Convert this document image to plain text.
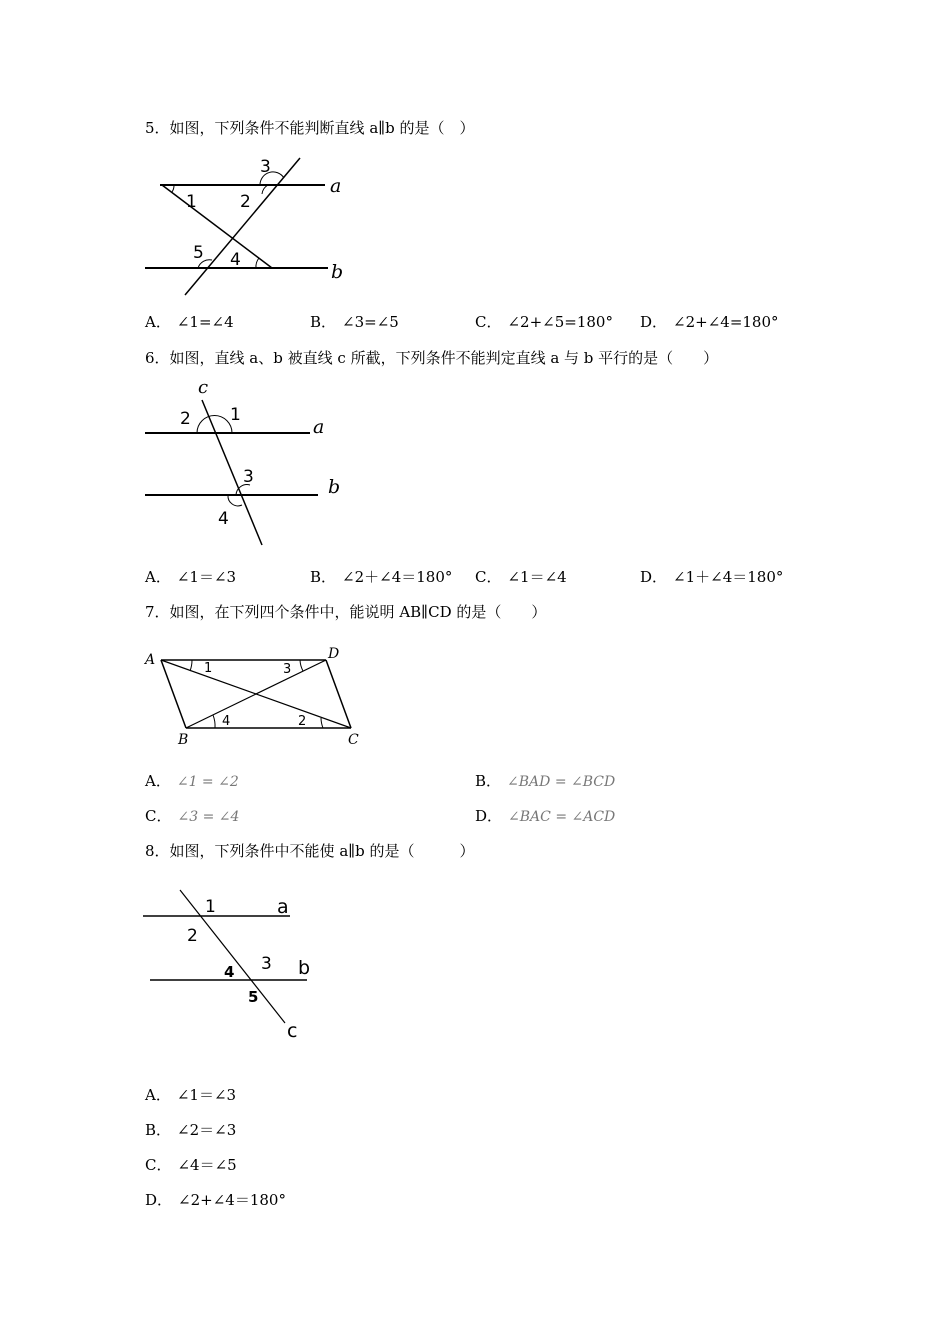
5．如图，下列条件不能判断直线 a∥b 的是（　）
3
2
1
5 4
a
b
A． ∠1=∠4	B． ∠3=∠5	C． ∠2+∠5=180° D． ∠2+∠4=180°
6．如图，直线 a、b 被直线 c 所截，下列条件不能判定直线 a 与 b 平行的是（　　）
c
2 1
a
3	b
4
A． ∠1＝∠3	B． ∠2＋∠4＝180° C． ∠1＝∠4	D． ∠1＋∠4＝180°
7．如图，在下列四个条件中，能说明 AB∥CD 的是（　　）
A	D
B	C
1	3
4	2
A． ∠1 = ∠2	B． ∠BAD = ∠BCD
C． ∠3 = ∠4	D． ∠BAC = ∠ACD
8．如图，下列条件中不能使 a∥b 的是（　　　）
1	a
2
4 3 b
5
c
A． ∠1＝∠3
B． ∠2＝∠3
C． ∠4＝∠5
D． ∠2+∠4＝180°
